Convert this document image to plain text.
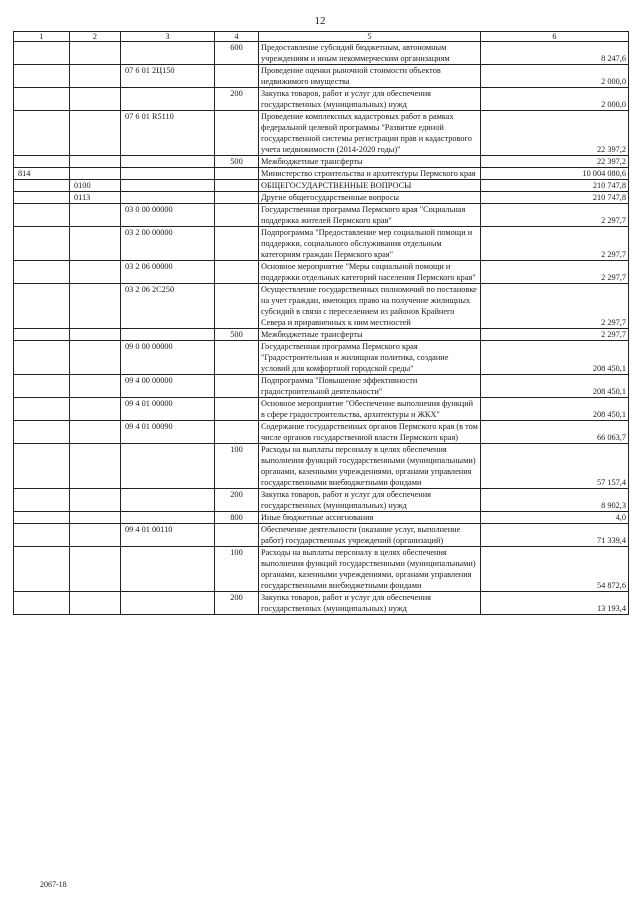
12
1	2	3	4	5	6
			600	Предоставление субсидий бюджетным, автономным учреждениям и иным некоммерческим организациям	8 247,6
		07 6 01 2Ц150		Проведение оценки рыночной стоимости объектов недвижимого имущества	2 000,0
			200	Закупка товаров, работ и услуг для обеспечения государственных (муниципальных) нужд	2 000,0
		07 6 01 R5110		Проведение комплексных кадастровых работ в рамках федеральной целевой программы "Развитие единой государственной системы регистрации прав и кадастрового учета недвижимости (2014-2020 годы)"	22 397,2
			500	Межбюджетные трансферты	22 397,2
814				Министерство строительства и архитектуры Пермского края	10 004 080,6
	0100			ОБЩЕГОСУДАРСТВЕННЫЕ ВОПРОСЫ	210 747,8
	0113			Другие общегосударственные вопросы	210 747,8
		03 0 00 00000		Государственная программа Пермского края "Социальная поддержка жителей Пермского края"	2 297,7
		03 2 00 00000		Подпрограмма "Предоставление мер социальной помощи и поддержки, социального обслуживания отдельным категориям граждан Пермского края"	2 297,7
		03 2 06 00000		Основное мероприятие "Меры социальной помощи и поддержки отдельных категорий населения Пермского края"	2 297,7
		03 2 06 2С250		Осуществление государственных полномочий по постановке на учет граждан, имеющих право на получение жилищных субсидий в связи с переселением из районов Крайнего Севера и приравненных к ним местностей	2 297,7
			500	Межбюджетные трансферты	2 297,7
		09 0 00 00000		Государственная программа Пермского края "Градостроительная и жилищная политика, создание условий для комфортной городской среды"	208 450,1
		09 4 00 00000		Подпрограмма "Повышение эффективности градостроительной деятельности"	208 450,1
		09 4 01 00000		Основное мероприятие "Обеспечение выполнения функций в сфере градостроительства, архитектуры и ЖКХ"	208 450,1
		09 4 01 00090		Содержание государственных органов Пермского края (в том числе органов государственной власти Пермского края)	66 063,7
			100	Расходы на выплаты персоналу в целях обеспечения выполнения функций государственными (муниципальными) органами, казенными учреждениями, органами управления государственными внебюджетными фондами	57 157,4
			200	Закупка товаров, работ и услуг для обеспечения государственных (муниципальных) нужд	8 902,3
			800	Иные бюджетные ассигнования	4,0
		09 4 01 00110		Обеспечение деятельности (оказание услуг, выполнение работ) государственных учреждений (организаций)	71 339,4
			100	Расходы на выплаты персоналу в целях обеспечения выполнения функций государственными (муниципальными) органами, казенными учреждениями, органами управления государственными внебюджетными фондами	54 872,6
			200	Закупка товаров, работ и услуг для обеспечения государственных (муниципальных) нужд	13 193,4
2067-18
